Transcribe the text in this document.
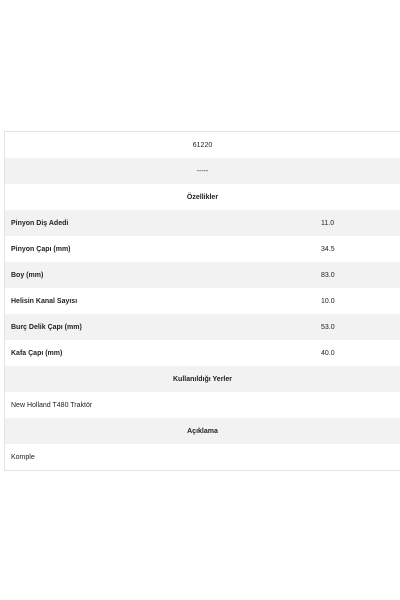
61220
-----
Özellikler
Pinyon Diş Adedi	11.0
Pinyon Çapı (mm)	34.5
Boy (mm)	83.0
Helisin Kanal Sayısı	10.0
Burç Delik Çapı (mm)	53.0
Kafa Çapı (mm)	40.0
Kullanıldığı Yerler
New Holland T480 Traktör
Açıklama
Komple
